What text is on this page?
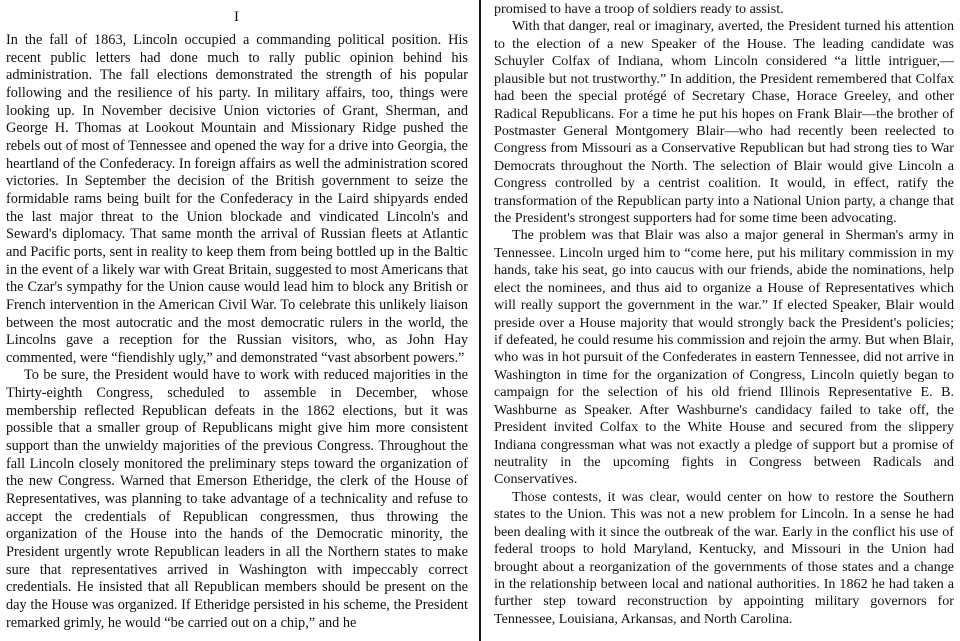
I

In the fall of 1863, Lincoln occupied a commanding political position. His recent public letters had done much to rally public opinion behind his administration. The fall elections demonstrated the strength of his popular following and the resilience of his party. In military affairs, too, things were looking up. In November decisive Union victories of Grant, Sherman, and George H. Thomas at Lookout Mountain and Missionary Ridge pushed the rebels out of most of Tennessee and opened the way for a drive into Georgia, the heartland of the Confederacy. In foreign affairs as well the administration scored victories. In September the decision of the British government to seize the formidable rams being built for the Confederacy in the Laird shipyards ended the last major threat to the Union blockade and vindicated Lincoln's and Seward's diplomacy. That same month the arrival of Russian fleets at Atlantic and Pacific ports, sent in reality to keep them from being bottled up in the Baltic in the event of a likely war with Great Britain, suggested to most Americans that the Czar's sympathy for the Union cause would lead him to block any British or French intervention in the American Civil War. To celebrate this unlikely liaison between the most autocratic and the most democratic rulers in the world, the Lincolns gave a reception for the Russian visitors, who, as John Hay commented, were “fiendishly ugly,” and demonstrated “vast absorbent powers.”

To be sure, the President would have to work with reduced majorities in the Thirty-eighth Congress, scheduled to assemble in December, whose membership reflected Republican defeats in the 1862 elections, but it was possible that a smaller group of Republicans might give him more consistent support than the unwieldy majorities of the previous Congress. Throughout the fall Lincoln closely monitored the preliminary steps toward the organization of the new Congress. Warned that Emerson Etheridge, the clerk of the House of Representatives, was planning to take advantage of a technicality and refuse to accept the credentials of Republican congressmen, thus throwing the organization of the House into the hands of the Democratic minority, the President urgently wrote Republican leaders in all the Northern states to make sure that representatives arrived in Washington with impeccably correct credentials. He insisted that all Republican members should be present on the day the House was organized. If Etheridge persisted in his scheme, the President remarked grimly, he would “be carried out on a chip,” and he

promised to have a troop of soldiers ready to assist.

With that danger, real or imaginary, averted, the President turned his attention to the election of a new Speaker of the House. The leading candidate was Schuyler Colfax of Indiana, whom Lincoln considered “a little intriguer,—plausible but not trustworthy.” In addition, the President remembered that Colfax had been the special protégé of Secretary Chase, Horace Greeley, and other Radical Republicans. For a time he put his hopes on Frank Blair—the brother of Postmaster General Montgomery Blair—who had recently been reelected to Congress from Missouri as a Conservative Republican but had strong ties to War Democrats throughout the North. The selection of Blair would give Lincoln a Congress controlled by a centrist coalition. It would, in effect, ratify the transformation of the Republican party into a National Union party, a change that the President's strongest supporters had for some time been advocating.

The problem was that Blair was also a major general in Sherman's army in Tennessee. Lincoln urged him to “come here, put his military commission in my hands, take his seat, go into caucus with our friends, abide the nominations, help elect the nominees, and thus aid to organize a House of Representatives which will really support the government in the war.” If elected Speaker, Blair would preside over a House majority that would strongly back the President's policies; if defeated, he could resume his commission and rejoin the army. But when Blair, who was in hot pursuit of the Confederates in eastern Tennessee, did not arrive in Washington in time for the organization of Congress, Lincoln quietly began to campaign for the selection of his old friend Illinois Representative E. B. Washburne as Speaker. After Washburne's candidacy failed to take off, the President invited Colfax to the White House and secured from the slippery Indiana congressman what was not exactly a pledge of support but a promise of neutrality in the upcoming fights in Congress between Radicals and Conservatives.

Those contests, it was clear, would center on how to restore the Southern states to the Union. This was not a new problem for Lincoln. In a sense he had been dealing with it since the outbreak of the war. Early in the conflict his use of federal troops to hold Maryland, Kentucky, and Missouri in the Union had brought about a reorganization of the governments of those states and a change in the relationship between local and national authorities. In 1862 he had taken a further step toward reconstruction by appointing military governors for Tennessee, Louisiana, Arkansas, and North Carolina.
